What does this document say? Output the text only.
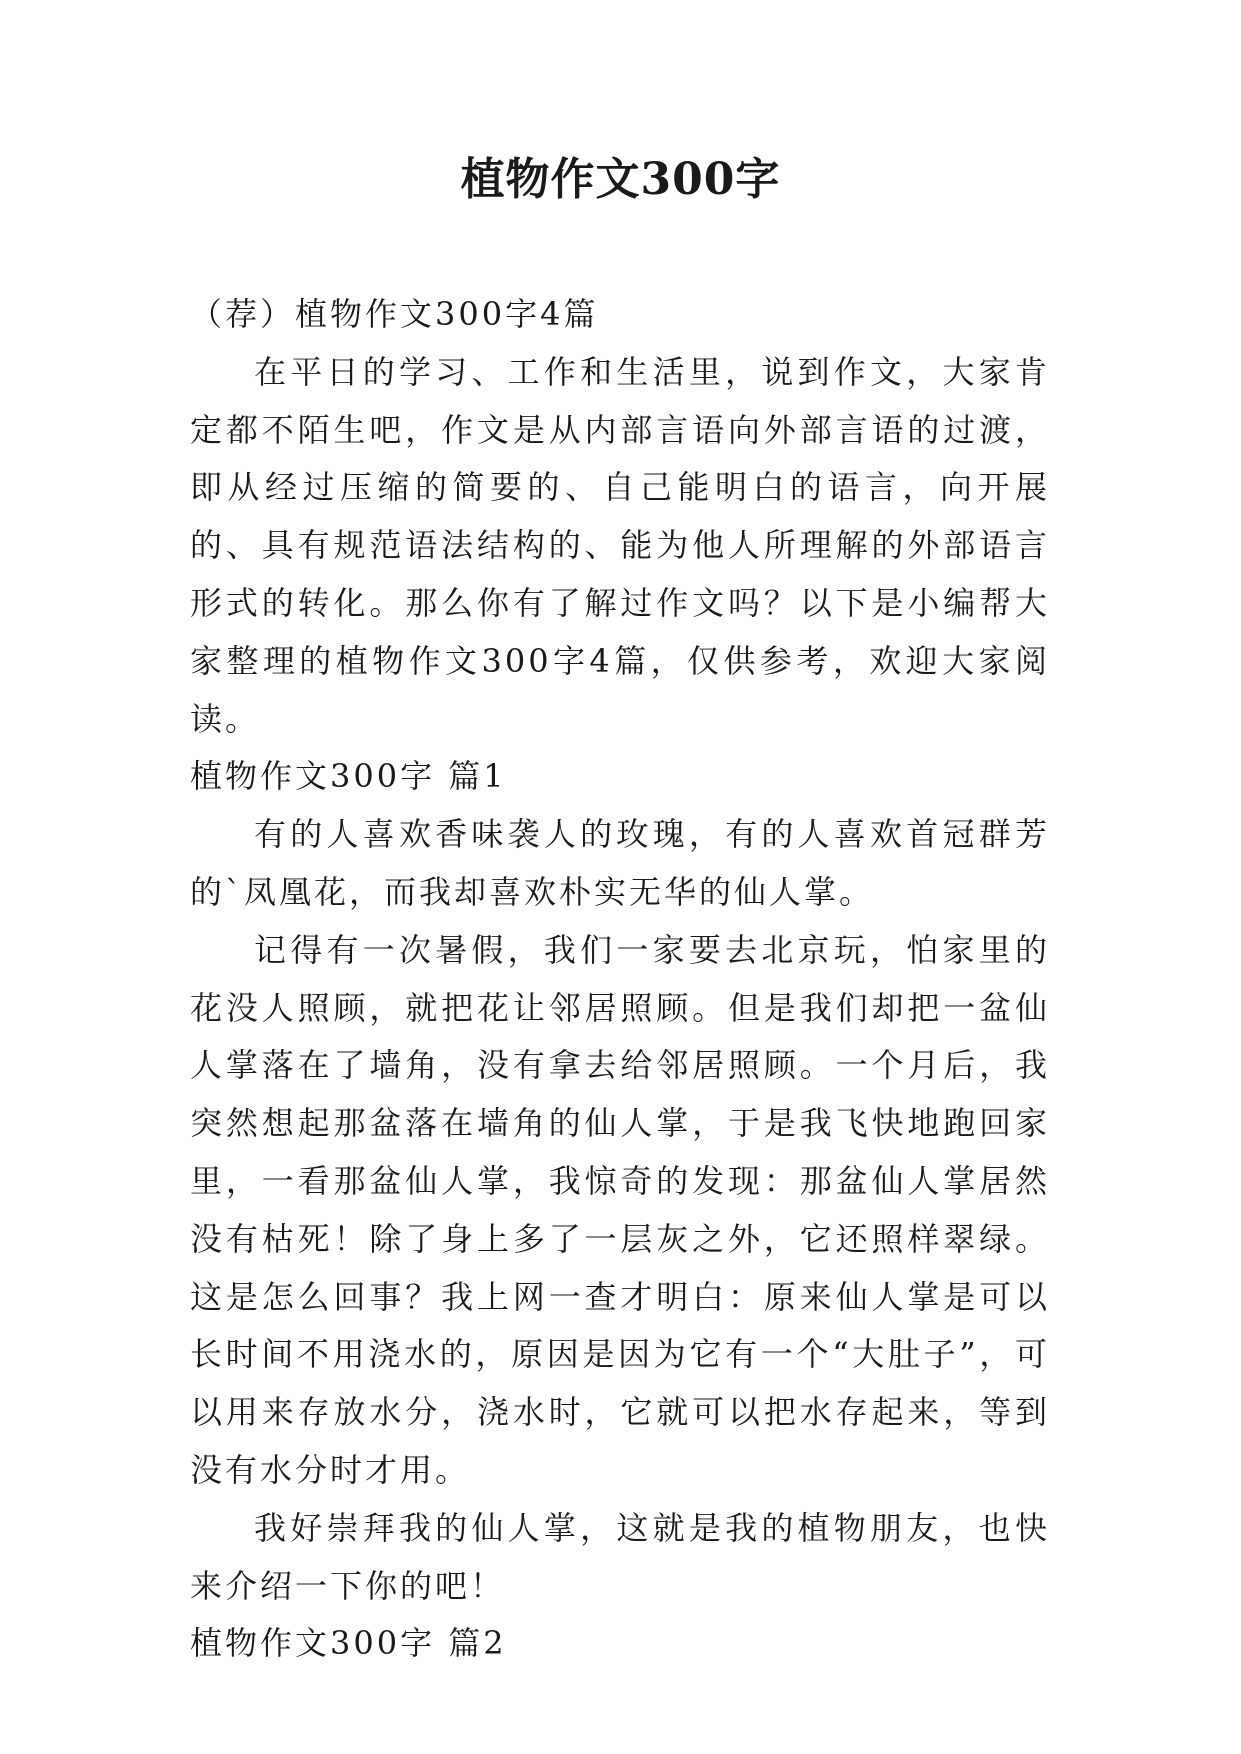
植物作文300字

（荐）植物作文300字4篇

在平日的学习、工作和生活里，说到作文，大家肯定都不陌生吧，作文是从内部言语向外部言语的过渡，即从经过压缩的简要的、自己能明白的语言，向开展的、具有规范语法结构的、能为他人所理解的外部语言形式的转化。那么你有了解过作文吗？以下是小编帮大家整理的植物作文300字4篇，仅供参考，欢迎大家阅读。

植物作文300字 篇1

有的人喜欢香味袭人的玫瑰，有的人喜欢首冠群芳的`凤凰花，而我却喜欢朴实无华的仙人掌。

记得有一次暑假，我们一家要去北京玩，怕家里的花没人照顾，就把花让邻居照顾。但是我们却把一盆仙人掌落在了墙角，没有拿去给邻居照顾。一个月后，我突然想起那盆落在墙角的仙人掌，于是我飞快地跑回家里，一看那盆仙人掌，我惊奇的发现：那盆仙人掌居然没有枯死！除了身上多了一层灰之外，它还照样翠绿。这是怎么回事？我上网一查才明白：原来仙人掌是可以长时间不用浇水的，原因是因为它有一个“大肚子”，可以用来存放水分，浇水时，它就可以把水存起来，等到没有水分时才用。

我好崇拜我的仙人掌，这就是我的植物朋友，也快来介绍一下你的吧！

植物作文300字 篇2
